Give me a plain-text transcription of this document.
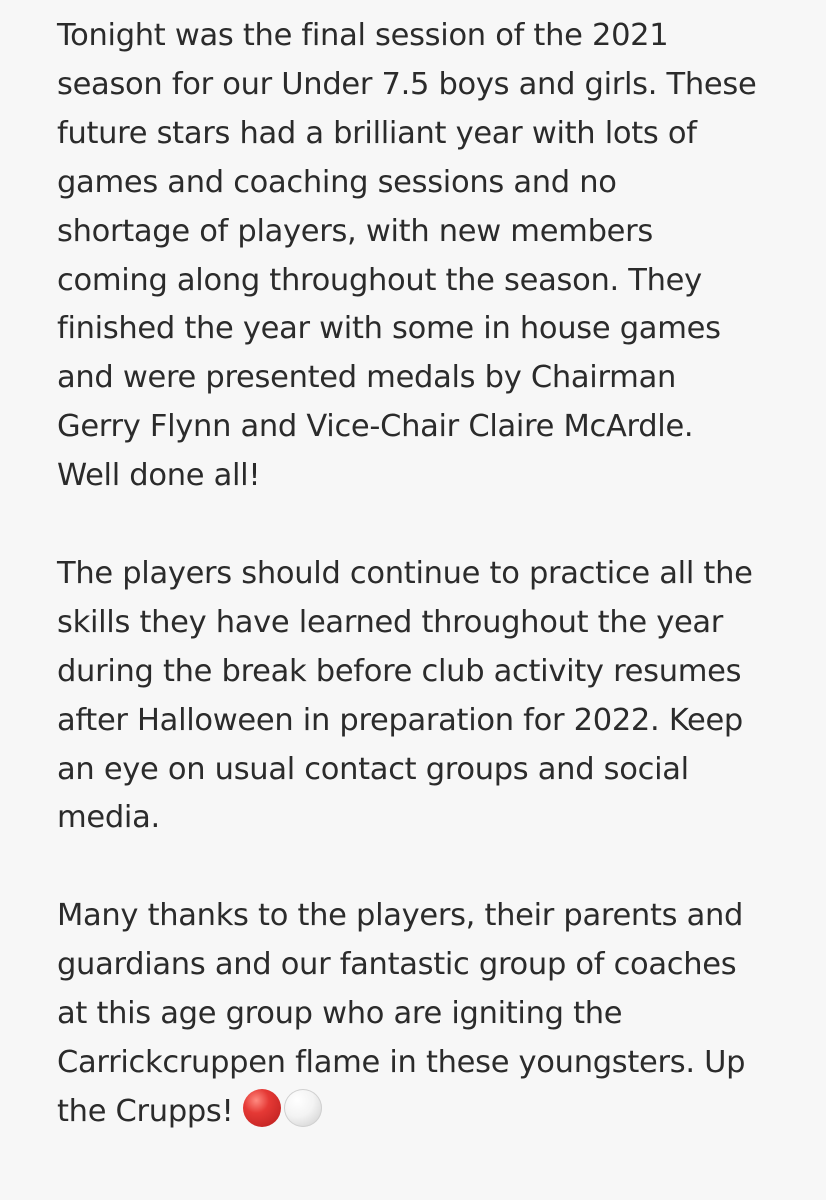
Tonight was the final session of the 2021
season for our Under 7.5 boys and girls. These
future stars had a brilliant year with lots of
games and coaching sessions and no
shortage of players, with new members
coming along throughout the season. They
finished the year with some in house games
and were presented medals by Chairman
Gerry Flynn and Vice-Chair Claire McArdle.
Well done all!

The players should continue to practice all the
skills they have learned throughout the year
during the break before club activity resumes
after Halloween in preparation for 2022. Keep
an eye on usual contact groups and social
media.

Many thanks to the players, their parents and
guardians and our fantastic group of coaches
at this age group who are igniting the
Carrickcruppen flame in these youngsters. Up
the Crupps!
